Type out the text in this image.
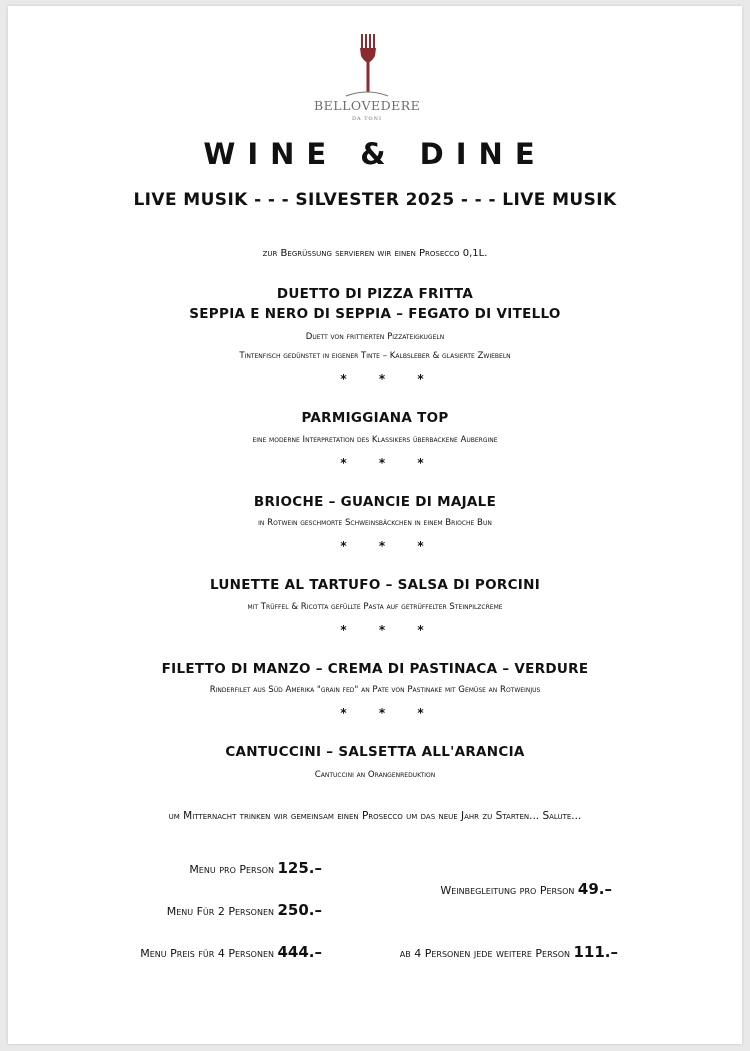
BELLOVEDERE
DA TONI
WINE & DINE
LIVE MUSIK - - - SILVESTER 2025 - - - LIVE MUSIK
zur Begrüßung servieren wir einen Prosecco 0,1L.
DUETTO DI PIZZA FRITTA
SEPPIA E NERO DI SEPPIA – FEGATO DI VITELLO
Duett von frittierten Pizzateigkugeln
Tintenfisch gedünstet in eigener Tinte – Kalbsleber & glasierte Zwiebeln
* * *
PARMIGGIANA TOP
eine moderne Interpretation des Klassikers überbackene Aubergine
* * *
BRIOCHE – GUANCIE DI MAJALE
in Rotwein geschmorte Schweinsbäckchen in einem Brioche Bun
* * *
LUNETTE AL TARTUFO – SALSA DI PORCINI
mit Trüffel & Ricotta gefüllte Pasta auf getrüffelter Steinpilzcreme
* * *
FILETTO DI MANZO – CREMA DI PASTINACA – VERDURE
Rinderfilet aus Süd Amerika "grain fed" an Pate von Pastinake mit Gemüse an Rotweinjus
* * *
CANTUCCINI – SALSETTA ALL'ARANCIA
Cantuccini an Orangenreduktion
um Mitternacht trinken wir gemeinsam einen Prosecco um das neue Jahr zu Starten... Salute...
Menu pro Person 125.–
Menu Für 2 Personen 250.–
Menu Preis für 4 Personen 444.–
Weinbegleitung pro Person 49.–
ab 4 Personen jede weitere Person 111.–
